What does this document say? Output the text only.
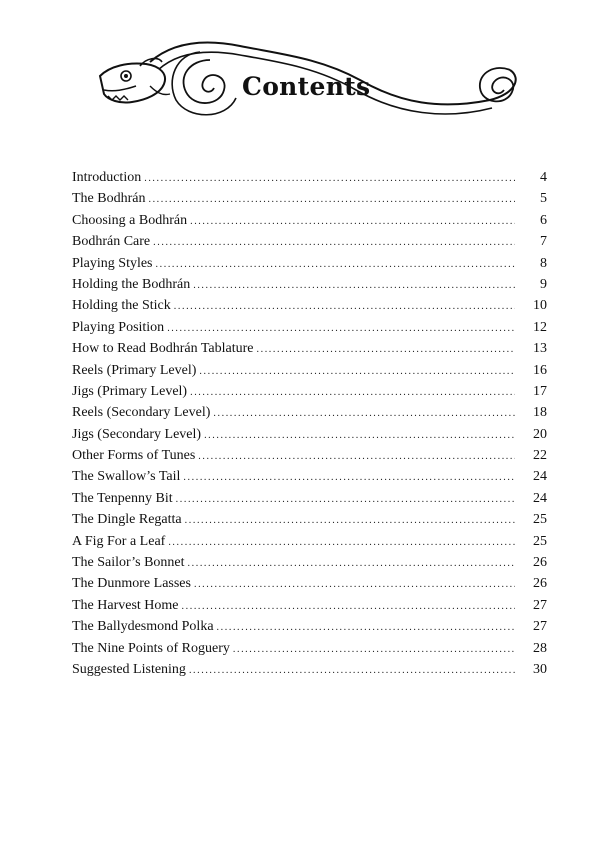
Contents
Introduction .....	4
The Bodhrán .....	5
Choosing a Bodhrán .....	6
Bodhrán Care .....	7
Playing Styles .....	8
Holding the Bodhrán .....	9
Holding the Stick .....	10
Playing Position .....	12
How to Read Bodhrán Tablature .....	13
Reels (Primary Level) .....	16
Jigs (Primary Level) .....	17
Reels (Secondary Level) .....	18
Jigs (Secondary Level) .....	20
Other Forms of Tunes .....	22
The Swallow’s Tail .....	24
The Tenpenny Bit .....	24
The Dingle Regatta .....	25
A Fig For a Leaf .....	25
The Sailor’s Bonnet .....	26
The Dunmore Lasses .....	26
The Harvest Home .....	27
The Ballydesmond Polka .....	27
The Nine Points of Roguery .....	28
Suggested Listening .....	30
